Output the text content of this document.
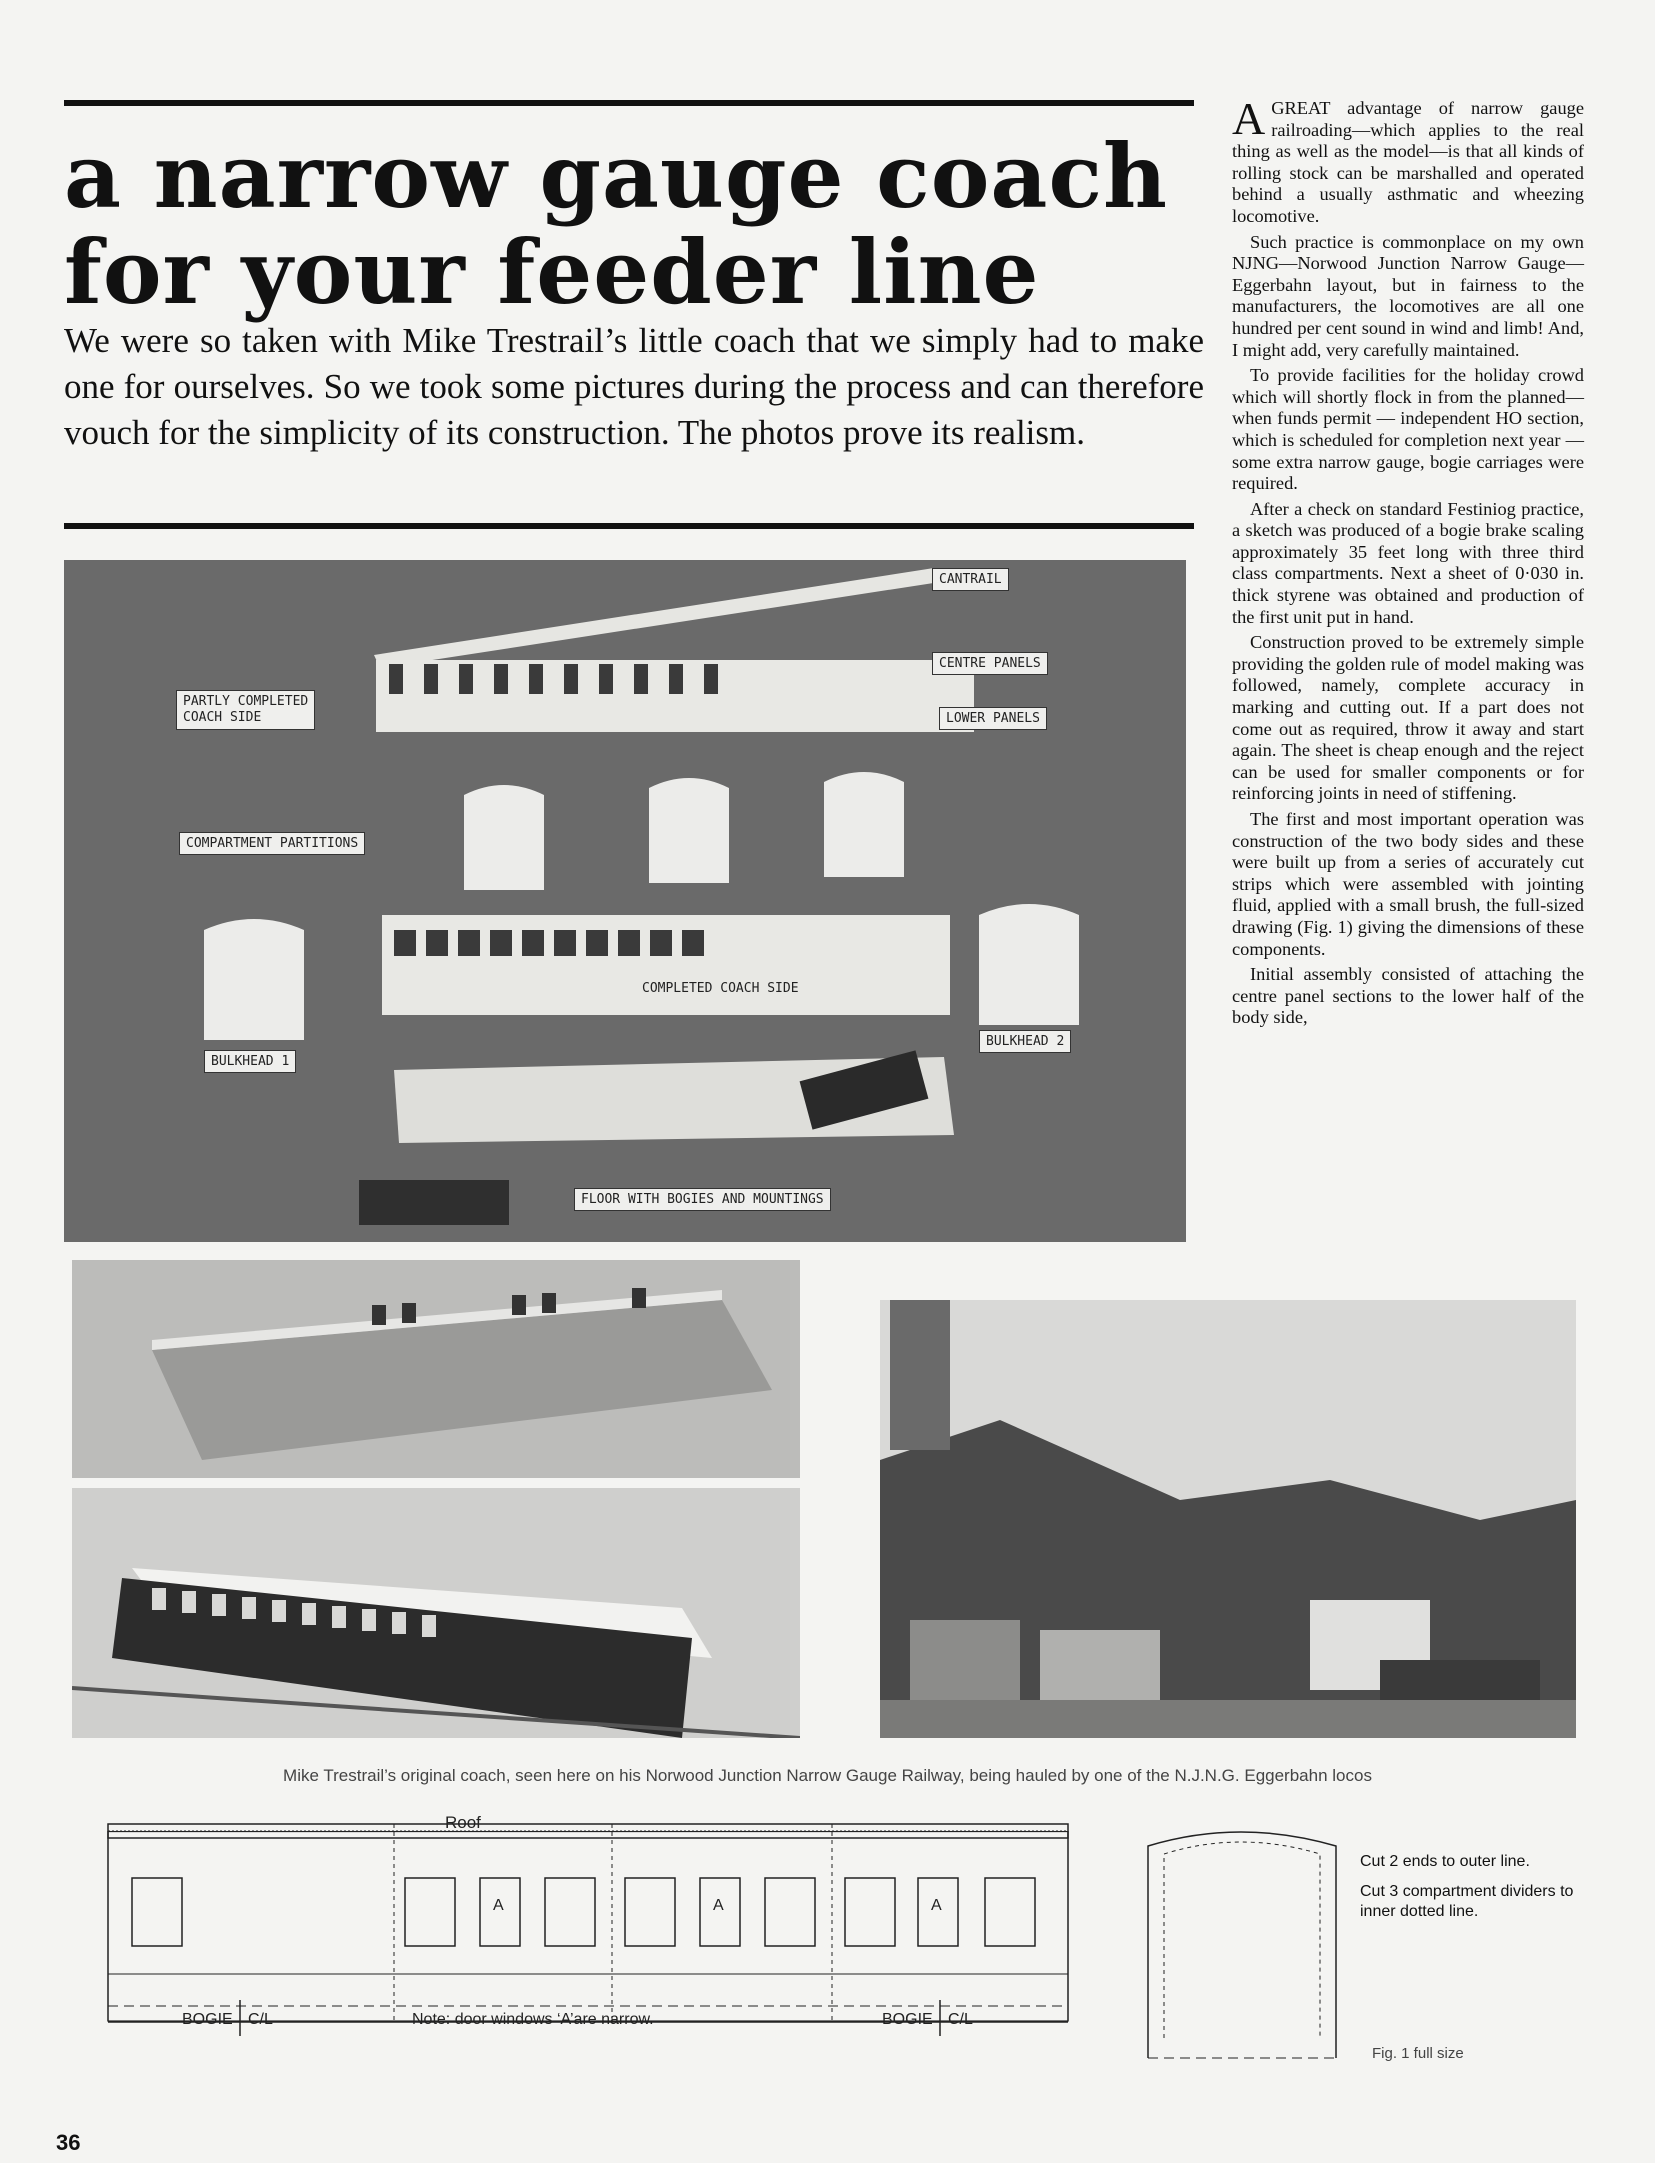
a narrow gauge coach
for your feeder line

We were so taken with Mike Trestrail’s little coach that we simply had to make one for ourselves. So we took some pictures during the process and can therefore vouch for the simplicity of its construction. The photos prove its realism.

A GREAT advantage of narrow gauge railroading—which applies to the real thing as well as the model—is that all kinds of rolling stock can be marshalled and operated behind a usually asthmatic and wheezing locomotive.

Such practice is commonplace on my own NJNG—Norwood Junction Narrow Gauge—Eggerbahn layout, but in fairness to the manufacturers, the locomotives are all one hundred per cent sound in wind and limb! And, I might add, very carefully maintained.

To provide facilities for the holiday crowd which will shortly flock in from the planned—when funds permit — independent HO section, which is scheduled for completion next year — some extra narrow gauge, bogie carriages were required.

After a check on standard Festiniog practice, a sketch was produced of a bogie brake scaling approximately 35 feet long with three third class compartments. Next a sheet of 0·030 in. thick styrene was obtained and production of the first unit put in hand.

Construction proved to be extremely simple providing the golden rule of model making was followed, namely, complete accuracy in marking and cutting out. If a part does not come out as required, throw it away and start again. The sheet is cheap enough and the reject can be used for smaller components or for reinforcing joints in need of stiffening.

The first and most important operation was construction of the two body sides and these were built up from a series of accurately cut strips which were assembled with jointing fluid, applied with a small brush, the full-sized drawing (Fig. 1) giving the dimensions of these components.

Initial assembly consisted of attaching the centre panel sections to the lower half of the body side,

CANTRAIL
CENTRE PANELS
LOWER PANELS
PARTLY COMPLETED
COACH SIDE
COMPARTMENT PARTITIONS
COMPLETED COACH SIDE
BULKHEAD 1
BULKHEAD 2
FLOOR WITH BOGIES AND MOUNTINGS
Mike Trestrail’s original coach, seen here on his Norwood Junction Narrow Gauge Railway, being hauled by one of the N.J.N.G. Eggerbahn locos
Roof
A	A	A
BOGIE C/L	Note: door windows ‘A’are narrow.	BOGIE C/L

Cut 2 ends to outer line.

Cut 3 compartment dividers to inner dotted line.

Fig. 1 full size
36
